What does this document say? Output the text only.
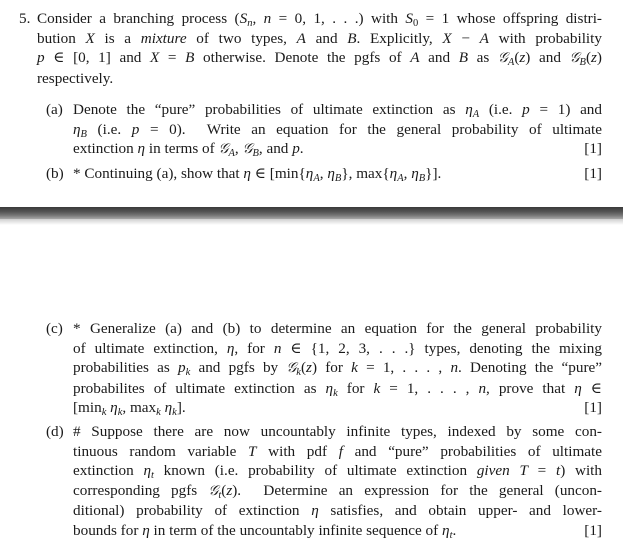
5. Consider a branching process ($S_n$, n = 0, 1, . . .) with $S_0 = 1$ whose offspring distri-
bution X is a mixture of two types, A and B. Explicitly, X − A with probability
p ∈ [0, 1] and X = B otherwise. Denote the pgfs of A and B as 𝒢$_A$(z) and 𝒢$_B$(z)
respectively.
(a) Denote the “pure” probabilities of ultimate extinction as $\eta_A$ (i.e. p = 1) and
$\eta_B$ (i.e. p = 0).  Write an equation for the general probability of ultimate
extinction η in terms of 𝒢$_A$, 𝒢$_B$, and p.	[1]
(b) * Continuing (a), show that η ∈ [$\min\{\eta_A$, $\eta_B$}, $\max\{\eta_A$, $\eta_B$}].	[1]
(c) * Generalize (a) and (b) to determine an equation for the general probability
of ultimate extinction, η, for n ∈ {1, 2, 3, . . .} types, denoting the mixing
probabilities as $p_k$ and pgfs by 𝒢$_k$(z) for k = 1, . . . , n. Denoting the “pure”
probabilites of ultimate extinction as $\eta_k$ for k = 1, . . . , n, prove that η ∈
[$\min_k$ $\eta_k$, $\max_k \eta_k$].	[1]
(d) # Suppose there are now uncountably infinite types, indexed by some con-
tinuous random variable T with pdf f and “pure” probabilities of ultimate
extinction $\eta_t$ known (i.e. probability of ultimate extinction given T = t) with
corresponding pgfs 𝒢$_t$(z).  Determine an expression for the general (uncon-
ditional) probability of extinction η satisfies, and obtain upper- and lower-
bounds for η in term of the uncountably infinite sequence of $\eta_t$.	[1]
